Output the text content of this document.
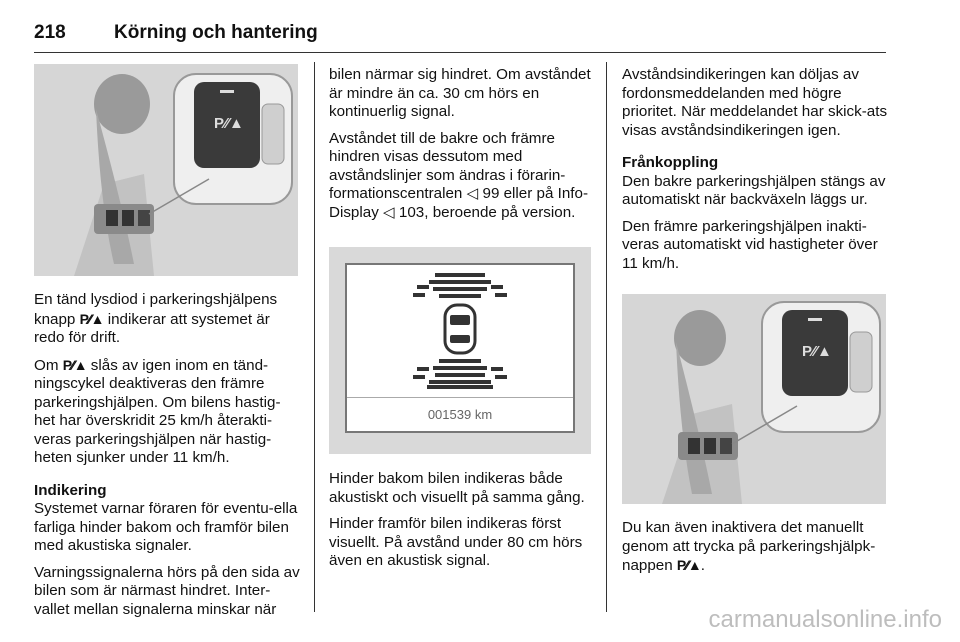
218	Körning och hantering
P⁄⁄▲

En tänd lysdiod i parkeringshjälpens knapp P⁄⁄▲ indikerar att systemet är redo för drift.

Om P⁄⁄▲ slås av igen inom en tänd-ningscykel deaktiveras den främre parkeringshjälpen. Om bilens hastig-het har överskridit 25 km/h återakti-veras parkeringshjälpen när hastig-heten sjunker under 11 km/h.

Indikering

Systemet varnar föraren för eventu-ella farliga hinder bakom och framför bilen med akustiska signaler.

Varningssignalerna hörs på den sida av bilen som är närmast hindret. Inter-vallet mellan signalerna minskar när

bilen närmar sig hindret. Om avståndet är mindre än ca. 30 cm hörs en kontinuerlig signal.

Avståndet till de bakre och främre hindren visas dessutom med avståndslinjer som ändras i förarin-formationscentralen ◁ 99 eller på Info-Display ◁ 103, beroende på version.

001539 km

Hinder bakom bilen indikeras både akustiskt och visuellt på samma gång.

Hinder framför bilen indikeras först visuellt. På avstånd under 80 cm hörs även en akustisk signal.

Avståndsindikeringen kan döljas av fordonsmeddelanden med högre prioritet. När meddelandet har skick-ats visas avståndsindikeringen igen.

Frånkoppling

Den bakre parkeringshjälpen stängs av automatiskt när backväxeln läggs ur.

Den främre parkeringshjälpen inakti-veras automatiskt vid hastigheter över 11 km/h.

P⁄⁄▲

Du kan även inaktivera det manuellt genom att trycka på parkeringshjälpk-nappen P⁄⁄▲.

carmanualsonline.info
